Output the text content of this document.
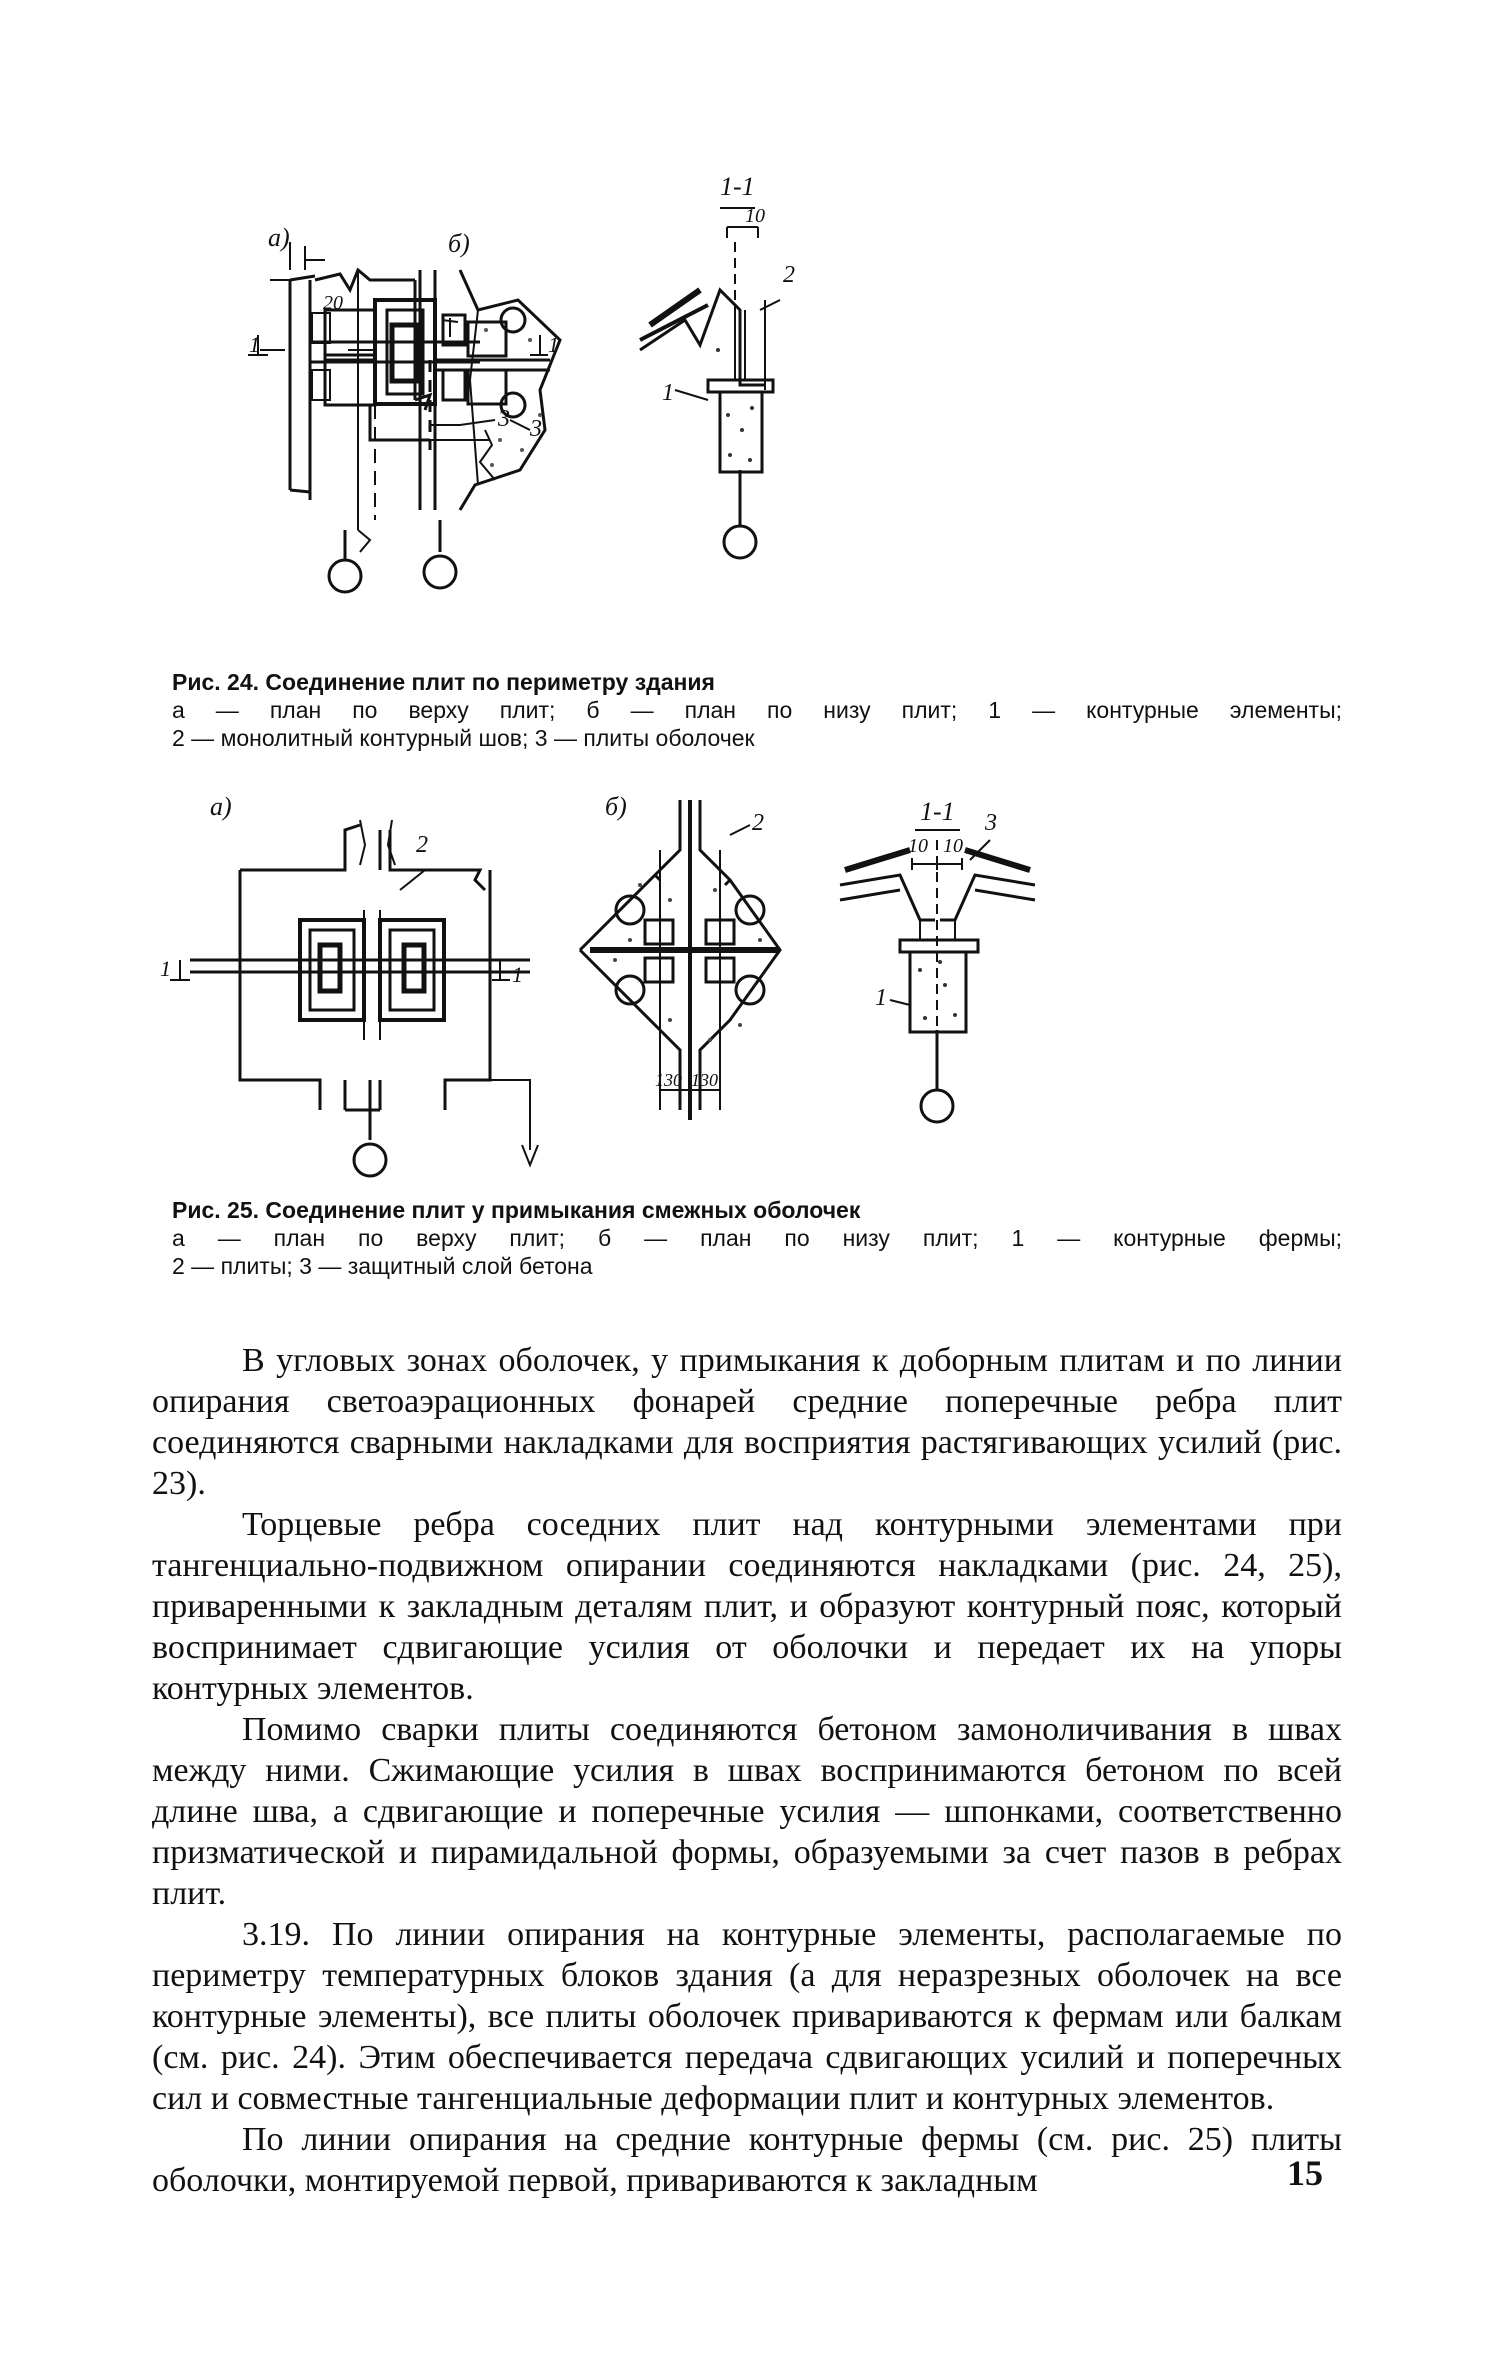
a)
20
1	1
3
б)
3
1-1
10
2
1
Рис. 24. Соединение плит по периметру здания
а — план по верху плит; б — план по низу плит; 1 — контурные элементы;
2 — монолитный контурный шов; 3 — плиты оболочек
a)
1	1
2
б)
130 130
2	1-1
10 10
3
1
Рис. 25. Соединение плит у примыкания смежных оболочек
а — план по верху плит; б — план по низу плит; 1 — контурные фермы;
2 — плиты; 3 — защитный слой бетона

В угловых зонах оболочек, у примыкания к доборным плитам и по линии опирания светоаэрационных фонарей средние поперечные ребра плит соединяются сварными накладками для восприятия растягивающих усилий (рис. 23).

Торцевые ребра соседних плит над контурными элементами при тангенциально-подвижном опирании соединяются накладками (рис. 24, 25), приваренными к закладным деталям плит, и образуют контурный пояс, который воспринимает сдвигающие усилия от оболочки и передает их на упоры контурных элементов.

Помимо сварки плиты соединяются бетоном замоноличивания в швах между ними. Сжимающие усилия в швах воспринимаются бетоном по всей длине шва, а сдвигающие и поперечные усилия — шпонками, соответственно призматической и пирамидальной формы, образуемыми за счет пазов в ребрах плит.

3.19. По линии опирания на контурные элементы, располагаемые по периметру температурных блоков здания (а для неразрезных оболочек на все контурные элементы), все плиты оболочек привариваются к фермам или балкам (см. рис. 24). Этим обеспечивается передача сдвигающих усилий и поперечных сил и совместные тангенциальные деформации плит и контурных элементов.

По линии опирания на средние контурные фермы (см. рис. 25) плиты оболочки, монтируемой первой, привариваются к закладным	15
